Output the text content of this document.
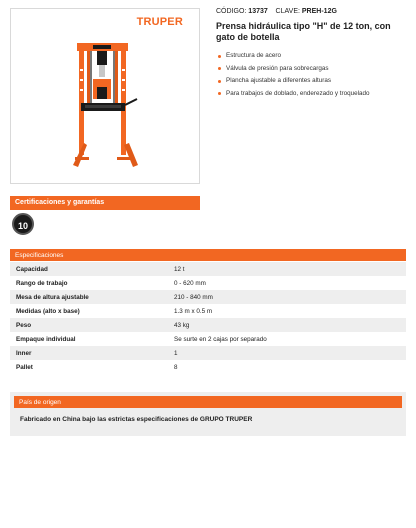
TRUPER
CÓDIGO: 13737 CLAVE: PREH-12G
Prensa hidráulica tipo "H" de 12 ton, con gato de botella
Estructura de acero
Válvula de presión para sobrecargas
Plancha ajustable a diferentes alturas
Para trabajos de doblado, enderezado y troquelado
Certificaciones y garantías
10
Especificaciones
Capacidad	12 t
Rango de trabajo	0 - 620 mm
Mesa de altura ajustable	210 - 840 mm
Medidas (alto x base)	1.3 m x 0.5 m
Peso	43 kg
Empaque individual	Se surte en 2 cajas por separado
Inner	1
Pallet	8
País de origen
Fabricado en China bajo las estrictas especificaciones de GRUPO TRUPER
